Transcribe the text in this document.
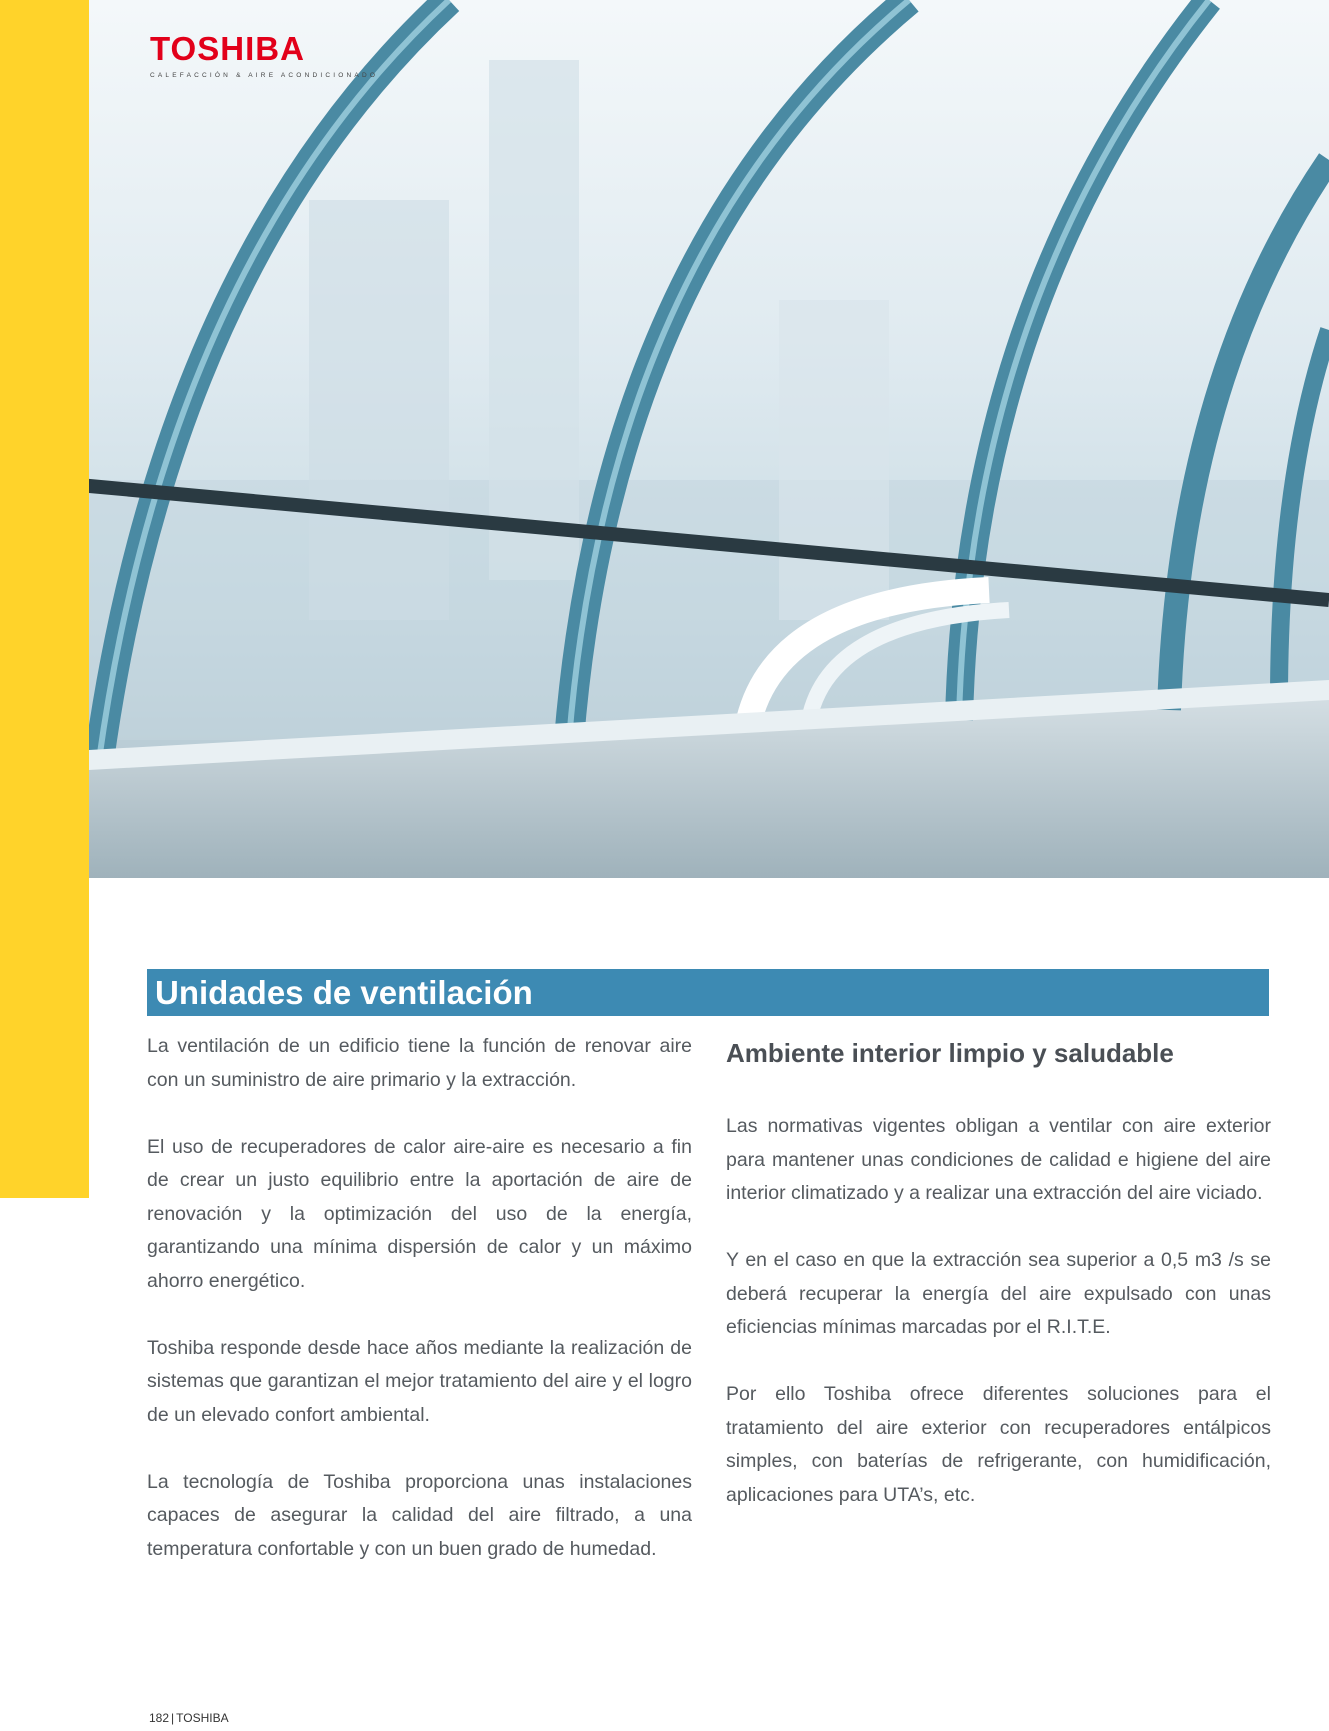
TOSHIBA
CALEFACCIÓN & AIRE ACONDICIONADO
Unidades de ventilación

La ventilación de un edificio tiene la función de renovar aire con un suministro de aire primario y la extracción.

El uso de recuperadores de calor aire-aire es necesario a fin de crear un justo equilibrio entre la aportación de aire de renovación y la optimización del uso de la energía, garantizando una mínima dispersión de calor y un máximo ahorro energético.

Toshiba responde desde hace años mediante la realización de sistemas que garantizan el mejor tratamiento del aire y el logro de un elevado confort ambiental.

La tecnología de Toshiba proporciona unas instalaciones capaces de asegurar la calidad del aire filtrado, a una temperatura confortable y con un buen grado de humedad.

Ambiente interior limpio y saludable

Las normativas vigentes obligan a ventilar con aire exterior para mantener unas condiciones de calidad e higiene del aire interior climatizado y a realizar una extracción del aire viciado.

Y en el caso en que la extracción sea superior a 0,5 m3 /s se deberá recuperar la energía del aire expulsado con unas eficiencias mínimas marcadas por el R.I.T.E.

Por ello Toshiba ofrece diferentes soluciones para el tratamiento del aire exterior con recuperadores entálpicos simples, con baterías de refrigerante, con humidificación, aplicaciones para UTA’s, etc.

182 | TOSHIBA
